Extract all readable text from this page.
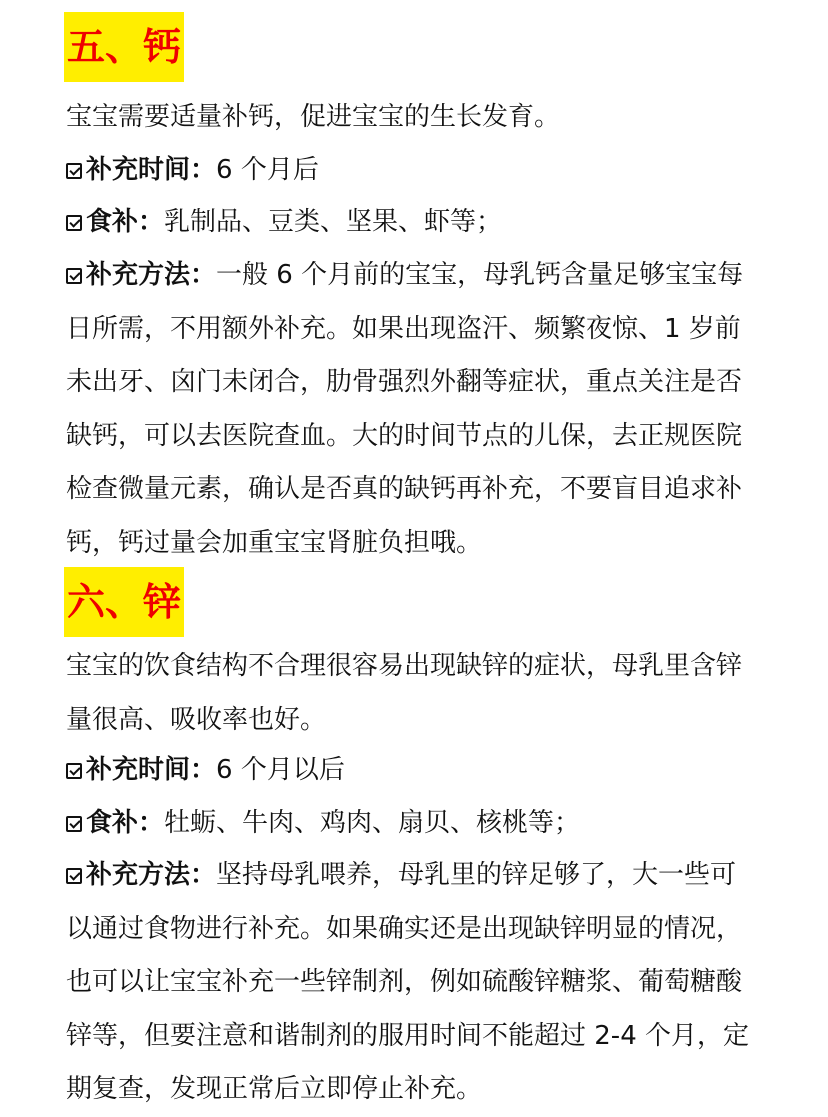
五、钙
宝宝需要适量补钙，促进宝宝的生长发育。
补充时间：6 个月后
食补：乳制品、豆类、坚果、虾等；
补充方法：一般 6 个月前的宝宝，母乳钙含量足够宝宝每
日所需，不用额外补充。如果出现盗汗、频繁夜惊、1 岁前
未出牙、囟门未闭合，肋骨强烈外翻等症状，重点关注是否
缺钙，可以去医院查血。大的时间节点的儿保，去正规医院
检查微量元素，确认是否真的缺钙再补充，不要盲目追求补
钙，钙过量会加重宝宝肾脏负担哦。
六、锌
宝宝的饮食结构不合理很容易出现缺锌的症状，母乳里含锌
量很高、吸收率也好。
补充时间：6 个月以后
食补：牡蛎、牛肉、鸡肉、扇贝、核桃等；
补充方法：坚持母乳喂养，母乳里的锌足够了，大一些可
以通过食物进行补充。如果确实还是出现缺锌明显的情况，
也可以让宝宝补充一些锌制剂，例如硫酸锌糖浆、葡萄糖酸
锌等，但要注意和谐制剂的服用时间不能超过 2-4 个月，定
期复查，发现正常后立即停止补充。
